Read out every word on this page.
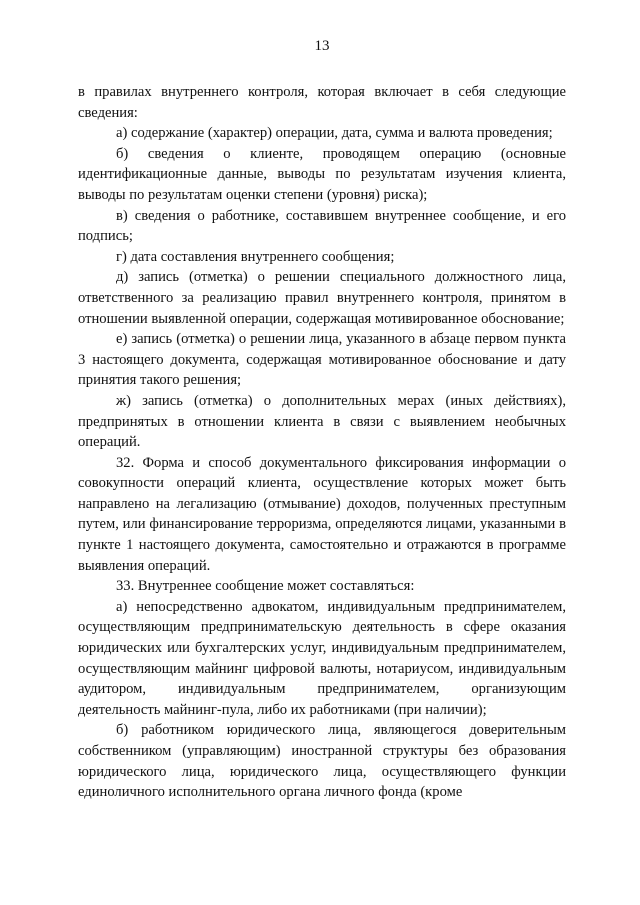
13

в правилах внутреннего контроля, которая включает в себя следующие сведения:

а) содержание (характер) операции, дата, сумма и валюта проведения;

б) сведения о клиенте, проводящем операцию (основные идентификационные данные, выводы по результатам изучения клиента, выводы по результатам оценки степени (уровня) риска);

в) сведения о работнике, составившем внутреннее сообщение, и его подпись;

г) дата составления внутреннего сообщения;

д) запись (отметка) о решении специального должностного лица, ответственного за реализацию правил внутреннего контроля, принятом в отношении выявленной операции, содержащая мотивированное обоснование;

е) запись (отметка) о решении лица, указанного в абзаце первом пункта 3 настоящего документа, содержащая мотивированное обоснование и дату принятия такого решения;

ж) запись (отметка) о дополнительных мерах (иных действиях), предпринятых в отношении клиента в связи с выявлением необычных операций.

32. Форма и способ документального фиксирования информации о совокупности операций клиента, осуществление которых может быть направлено на легализацию (отмывание) доходов, полученных преступным путем, или финансирование терроризма, определяются лицами, указанными в пункте 1 настоящего документа, самостоятельно и отражаются в программе выявления операций.

33. Внутреннее сообщение может составляться:

а) непосредственно адвокатом, индивидуальным предпринимателем, осуществляющим предпринимательскую деятельность в сфере оказания юридических или бухгалтерских услуг, индивидуальным предпринимателем, осуществляющим майнинг цифровой валюты, нотариусом, индивидуальным аудитором, индивидуальным предпринимателем, организующим деятельность майнинг-пула, либо их работниками (при наличии);

б) работником юридического лица, являющегося доверительным собственником (управляющим) иностранной структуры без образования юридического лица, юридического лица, осуществляющего функции единоличного исполнительного органа личного фонда (кроме
